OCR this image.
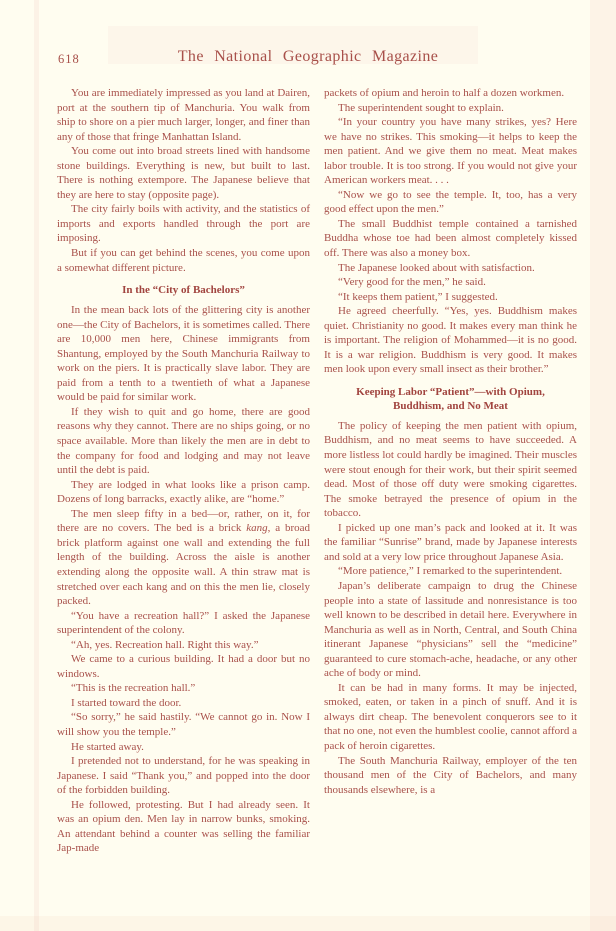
618	The National Geographic Magazine

You are immediately impressed as you land at Dairen, port at the southern tip of Manchuria. You walk from ship to shore on a pier much larger, longer, and finer than any of those that fringe Manhattan Island.

You come out into broad streets lined with handsome stone buildings. Everything is new, but built to last. There is nothing extempore. The Japanese believe that they are here to stay (opposite page).

The city fairly boils with activity, and the statistics of imports and exports handled through the port are imposing.

But if you can get behind the scenes, you come upon a somewhat different picture.

In the “City of Bachelors”

In the mean back lots of the glittering city is another one—the City of Bachelors, it is sometimes called. There are 10,000 men here, Chinese immigrants from Shantung, employed by the South Manchuria Railway to work on the piers. It is practically slave labor. They are paid from a tenth to a twentieth of what a Japanese would be paid for similar work.

If they wish to quit and go home, there are good reasons why they cannot. There are no ships going, or no space available. More than likely the men are in debt to the company for food and lodging and may not leave until the debt is paid.

They are lodged in what looks like a prison camp. Dozens of long barracks, exactly alike, are “home.”

The men sleep fifty in a bed—or, rather, on it, for there are no covers. The bed is a brick kang, a broad brick platform against one wall and extending the full length of the building. Across the aisle is another extending along the opposite wall. A thin straw mat is stretched over each kang and on this the men lie, closely packed.

“You have a recreation hall?” I asked the Japanese superintendent of the colony.

“Ah, yes. Recreation hall. Right this way.”

We came to a curious building. It had a door but no windows.

“This is the recreation hall.”

I started toward the door.

“So sorry,” he said hastily. “We cannot go in. Now I will show you the temple.”

He started away.

I pretended not to understand, for he was speaking in Japanese. I said “Thank you,” and popped into the door of the forbidden building.

He followed, protesting. But I had already seen. It was an opium den. Men lay in narrow bunks, smoking. An attendant behind a counter was selling the familiar Jap-made

packets of opium and heroin to half a dozen workmen.

The superintendent sought to explain.

“In your country you have many strikes, yes? Here we have no strikes. This smoking—it helps to keep the men patient. And we give them no meat. Meat makes labor trouble. It is too strong. If you would not give your American workers meat. . . .

“Now we go to see the temple. It, too, has a very good effect upon the men.”

The small Buddhist temple contained a tarnished Buddha whose toe had been almost completely kissed off. There was also a money box.

The Japanese looked about with satisfaction.

“Very good for the men,” he said.

“It keeps them patient,” I suggested.

He agreed cheerfully. “Yes, yes. Buddhism makes quiet. Christianity no good. It makes every man think he is important. The religion of Mohammed—it is no good. It is a war religion. Buddhism is very good. It makes men look upon every small insect as their brother.”

Keeping Labor “Patient”—with Opium, Buddhism, and No Meat

The policy of keeping the men patient with opium, Buddhism, and no meat seems to have succeeded. A more listless lot could hardly be imagined. Their muscles were stout enough for their work, but their spirit seemed dead. Most of those off duty were smoking cigarettes. The smoke betrayed the presence of opium in the tobacco.

I picked up one man’s pack and looked at it. It was the familiar “Sunrise” brand, made by Japanese interests and sold at a very low price throughout Japanese Asia.

“More patience,” I remarked to the superintendent.

Japan’s deliberate campaign to drug the Chinese people into a state of lassitude and nonresistance is too well known to be described in detail here. Everywhere in Manchuria as well as in North, Central, and South China itinerant Japanese “physicians” sell the “medicine” guaranteed to cure stomach-ache, headache, or any other ache of body or mind.

It can be had in many forms. It may be injected, smoked, eaten, or taken in a pinch of snuff. And it is always dirt cheap. The benevolent conquerors see to it that no one, not even the humblest coolie, cannot afford a pack of heroin cigarettes.

The South Manchuria Railway, employer of the ten thousand men of the City of Bachelors, and many thousands elsewhere, is a
